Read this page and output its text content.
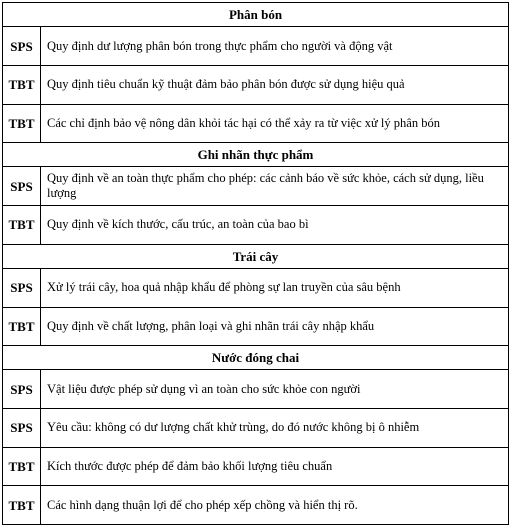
Phân bón	
SPS	Quy định dư lượng phân bón trong thực phẩm cho người và động vật
TBT	Quy định tiêu chuẩn kỹ thuật đảm bảo phân bón được sử dụng hiệu quả
TBT	Các chỉ định bảo vệ nông dân khỏi tác hại có thể xảy ra từ việc xử lý phân bón
Ghi nhãn thực phẩm	
SPS	Quy định về an toàn thực phẩm cho phép: các cảnh báo về sức khỏe, cách sử dụng, liều lượng
TBT	Quy định về kích thước, cấu trúc, an toàn của bao bì
Trái cây	
SPS	Xử lý trái cây, hoa quả nhập khẩu để phòng sự lan truyền của sâu bệnh
TBT	Quy định về chất lượng, phân loại và ghi nhãn trái cây nhập khẩu
Nước đóng chai	
SPS	Vật liệu được phép sử dụng vì an toàn cho sức khỏe con người
SPS	Yêu cầu: không có dư lượng chất khử trùng, do đó nước không bị ô nhiễm
TBT	Kích thước được phép để đảm bảo khối lượng tiêu chuẩn
TBT	Các hình dạng thuận lợi để cho phép xếp chồng và hiển thị rõ.
